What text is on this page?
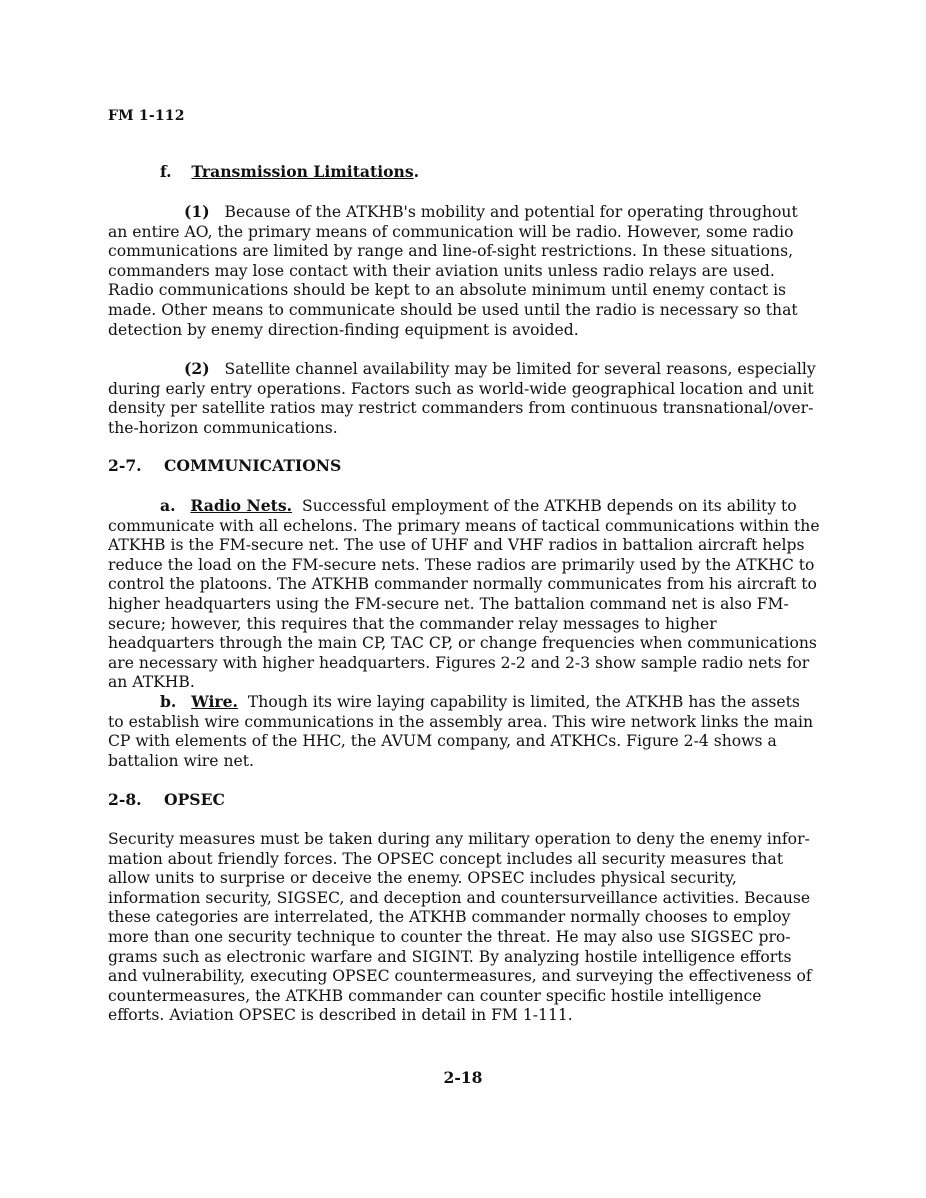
FM 1-112
f. Transmission Limitations.
(1) Because of the ATKHB's mobility and potential for operating throughout an entire AO, the primary means of communication will be radio. However, some radio communications are limited by range and line-of-sight restrictions. In these situations, commanders may lose contact with their aviation units unless radio relays are used. Radio communications should be kept to an absolute minimum until enemy contact is made. Other means to communicate should be used until the radio is necessary so that detection by enemy direction-finding equipment is avoided.
(2) Satellite channel availability may be limited for several reasons, especially during early entry operations. Factors such as world-wide geographical location and unit density per satellite ratios may restrict commanders from continuous transnational/over-the-horizon communications.
2-7. COMMUNICATIONS
a. Radio Nets. Successful employment of the ATKHB depends on its ability to communicate with all echelons. The primary means of tactical communications within the ATKHB is the FM-secure net. The use of UHF and VHF radios in battalion aircraft helps reduce the load on the FM-secure nets. These radios are primarily used by the ATKHC to control the platoons. The ATKHB commander normally communicates from his aircraft to higher headquarters using the FM-secure net. The battalion command net is also FM-secure; however, this requires that the commander relay messages to higher headquarters through the main CP, TAC CP, or change frequencies when communications are necessary with higher headquarters. Figures 2-2 and 2-3 show sample radio nets for an ATKHB.
b. Wire. Though its wire laying capability is limited, the ATKHB has the assets to establish wire communications in the assembly area. This wire network links the main CP with elements of the HHC, the AVUM company, and ATKHCs. Figure 2-4 shows a battalion wire net.
2-8. OPSEC
Security measures must be taken during any military operation to deny the enemy infor-mation about friendly forces. The OPSEC concept includes all security measures that allow units to surprise or deceive the enemy. OPSEC includes physical security, information security, SIGSEC, and deception and countersurveillance activities. Because these categories are interrelated, the ATKHB commander normally chooses to employ more than one security technique to counter the threat. He may also use SIGSEC pro-grams such as electronic warfare and SIGINT. By analyzing hostile intelligence efforts and vulnerability, executing OPSEC countermeasures, and surveying the effectiveness of countermeasures, the ATKHB commander can counter specific hostile intelligence efforts. Aviation OPSEC is described in detail in FM 1-111.
2-18
